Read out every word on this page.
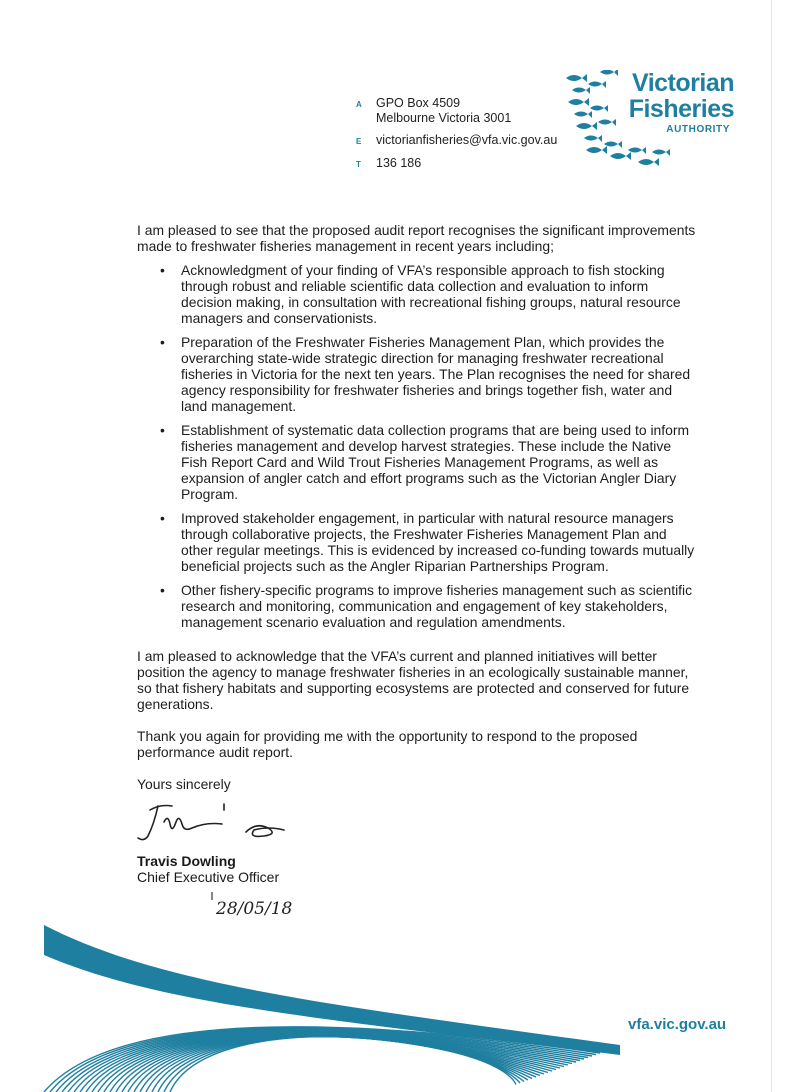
A	GPO Box 4509
Melbourne Victoria 3001
E	victorianfisheries@vfa.vic.gov.au
T	136 186
Victorian
Fisheries
AUTHORITY

I am pleased to see that the proposed audit report recognises the significant improvements made to freshwater fisheries management in recent years including;

• Acknowledgment of your finding of VFA’s responsible approach to fish stocking through robust and reliable scientific data collection and evaluation to inform decision making, in consultation with recreational fishing groups, natural resource managers and conservationists.
• Preparation of the Freshwater Fisheries Management Plan, which provides the overarching state-wide strategic direction for managing freshwater recreational fisheries in Victoria for the next ten years. The Plan recognises the need for shared agency responsibility for freshwater fisheries and brings together fish, water and land management.
• Establishment of systematic data collection programs that are being used to inform fisheries management and develop harvest strategies. These include the Native Fish Report Card and Wild Trout Fisheries Management Programs, as well as expansion of angler catch and effort programs such as the Victorian Angler Diary Program.
• Improved stakeholder engagement, in particular with natural resource managers through collaborative projects, the Freshwater Fisheries Management Plan and other regular meetings. This is evidenced by increased co-funding towards mutually beneficial projects such as the Angler Riparian Partnerships Program.
• Other fishery-specific programs to improve fisheries management such as scientific research and monitoring, communication and engagement of key stakeholders, management scenario evaluation and regulation amendments.

I am pleased to acknowledge that the VFA’s current and planned initiatives will better position the agency to manage freshwater fisheries in an ecologically sustainable manner, so that fishery habitats and supporting ecosystems are protected and conserved for future generations.

Thank you again for providing me with the opportunity to respond to the proposed performance audit report.

Yours sincerely

Travis Dowling
Chief Executive Officer
28/05/18
vfa.vic.gov.au
